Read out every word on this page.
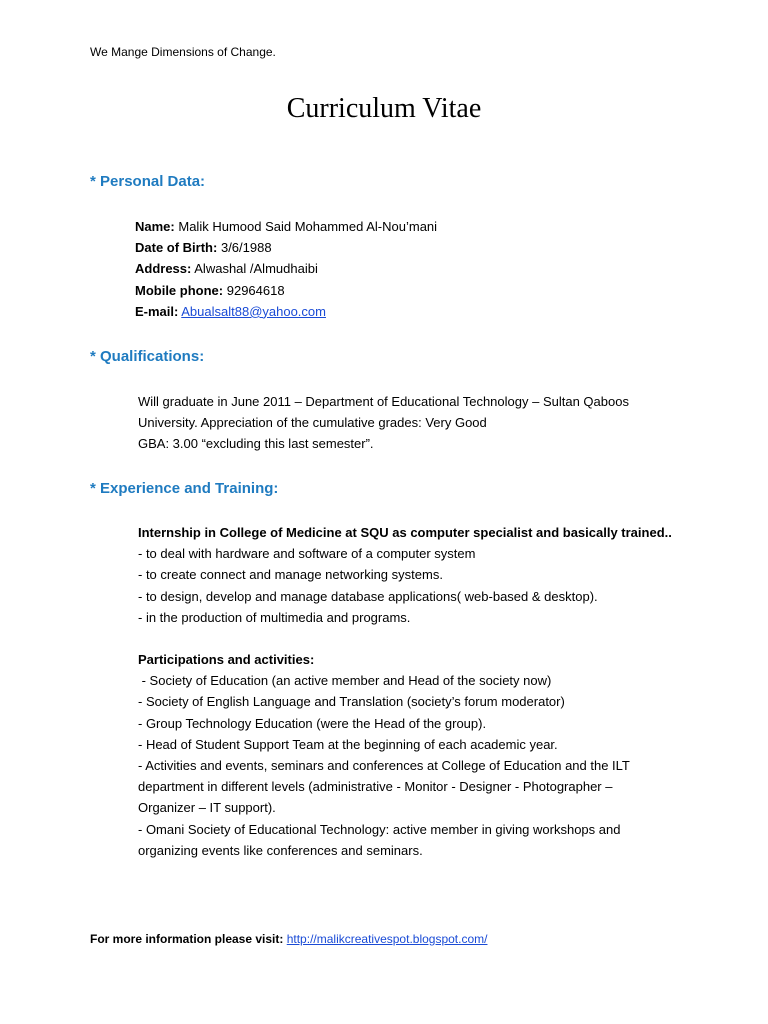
We Mange Dimensions of Change.
Curriculum Vitae
* Personal Data:
Name: Malik Humood Said Mohammed Al-Nou’mani
Date of Birth: 3/6/1988
Address: Alwashal /Almudhaibi
Mobile phone: 92964618
E-mail: Abualsalt88@yahoo.com
* Qualifications:
Will graduate in June 2011 – Department of Educational Technology – Sultan Qaboos
University. Appreciation of the cumulative grades: Very Good
GBA: 3.00 “excluding this last semester”.
* Experience and Training:
Internship in College of Medicine at SQU as computer specialist and basically trained..
- to deal with hardware and software of a computer system
- to create connect and manage networking systems.
- to design, develop and manage database applications( web-based & desktop).
- in the production of multimedia and programs.
Participations and activities:
- Society of Education (an active member and Head of the society now)
- Society of English Language and Translation (society’s forum moderator)
- Group Technology Education (were the Head of the group).
- Head of Student Support Team at the beginning of each academic year.
- Activities and events, seminars and conferences at College of Education and the ILT
department in different levels (administrative - Monitor - Designer - Photographer –
Organizer – IT support).
- Omani Society of Educational Technology: active member in giving workshops and
organizing events like conferences and seminars.
For more information please visit: http://malikcreativespot.blogspot.com/
